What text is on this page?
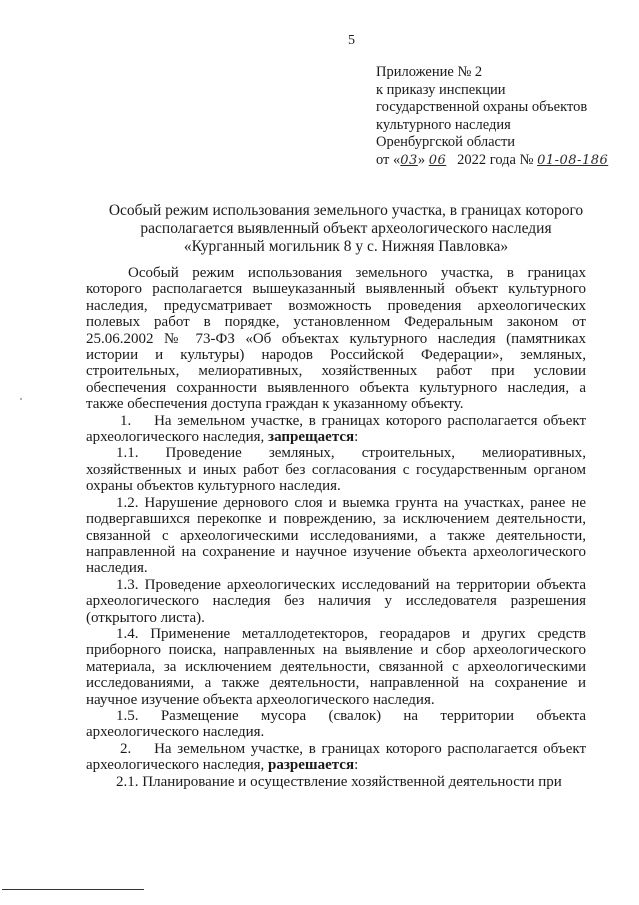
5
Приложение № 2
к приказу инспекции
государственной охраны объектов
культурного наследия
Оренбургской области
от «03» 06 2022 года № 01-08-186
Особый режим использования земельного участка, в границах которого
располагается выявленный объект археологического наследия
«Курганный могильник 8 у с. Нижняя Павловка»

Особый режим использования земельного участка, в границах которого располагается вышеуказанный выявленный объект культурного наследия, предусматривает возможность проведения археологических полевых работ в порядке, установленном Федеральным законом от 25.06.2002 № 73-ФЗ «Об объектах культурного наследия (памятниках истории и культуры) народов Российской Федерации», земляных, строительных, мелиоративных, хозяйственных работ при условии обеспечения сохранности выявленного объекта культурного наследия, а также обеспечения доступа граждан к указанному объекту.

1. На земельном участке, в границах которого располагается объект археологического наследия, запрещается:

1.1. Проведение земляных, строительных, мелиоративных, хозяйственных и иных работ без согласования с государственным органом охраны объектов культурного наследия.

1.2. Нарушение дернового слоя и выемка грунта на участках, ранее не подвергавшихся перекопке и повреждению, за исключением деятельности, связанной с археологическими исследованиями, а также деятельности, направленной на сохранение и научное изучение объекта археологического наследия.

1.3. Проведение археологических исследований на территории объекта археологического наследия без наличия у исследователя разрешения (открытого листа).

1.4. Применение металлодетекторов, георадаров и других средств приборного поиска, направленных на выявление и сбор археологического материала, за исключением деятельности, связанной с археологическими исследованиями, а также деятельности, направленной на сохранение и научное изучение объекта археологического наследия.

1.5. Размещение мусора (свалок) на территории объекта археологического наследия.

2. На земельном участке, в границах которого располагается объект археологического наследия, разрешается:

2.1. Планирование и осуществление хозяйственной деятельности при
